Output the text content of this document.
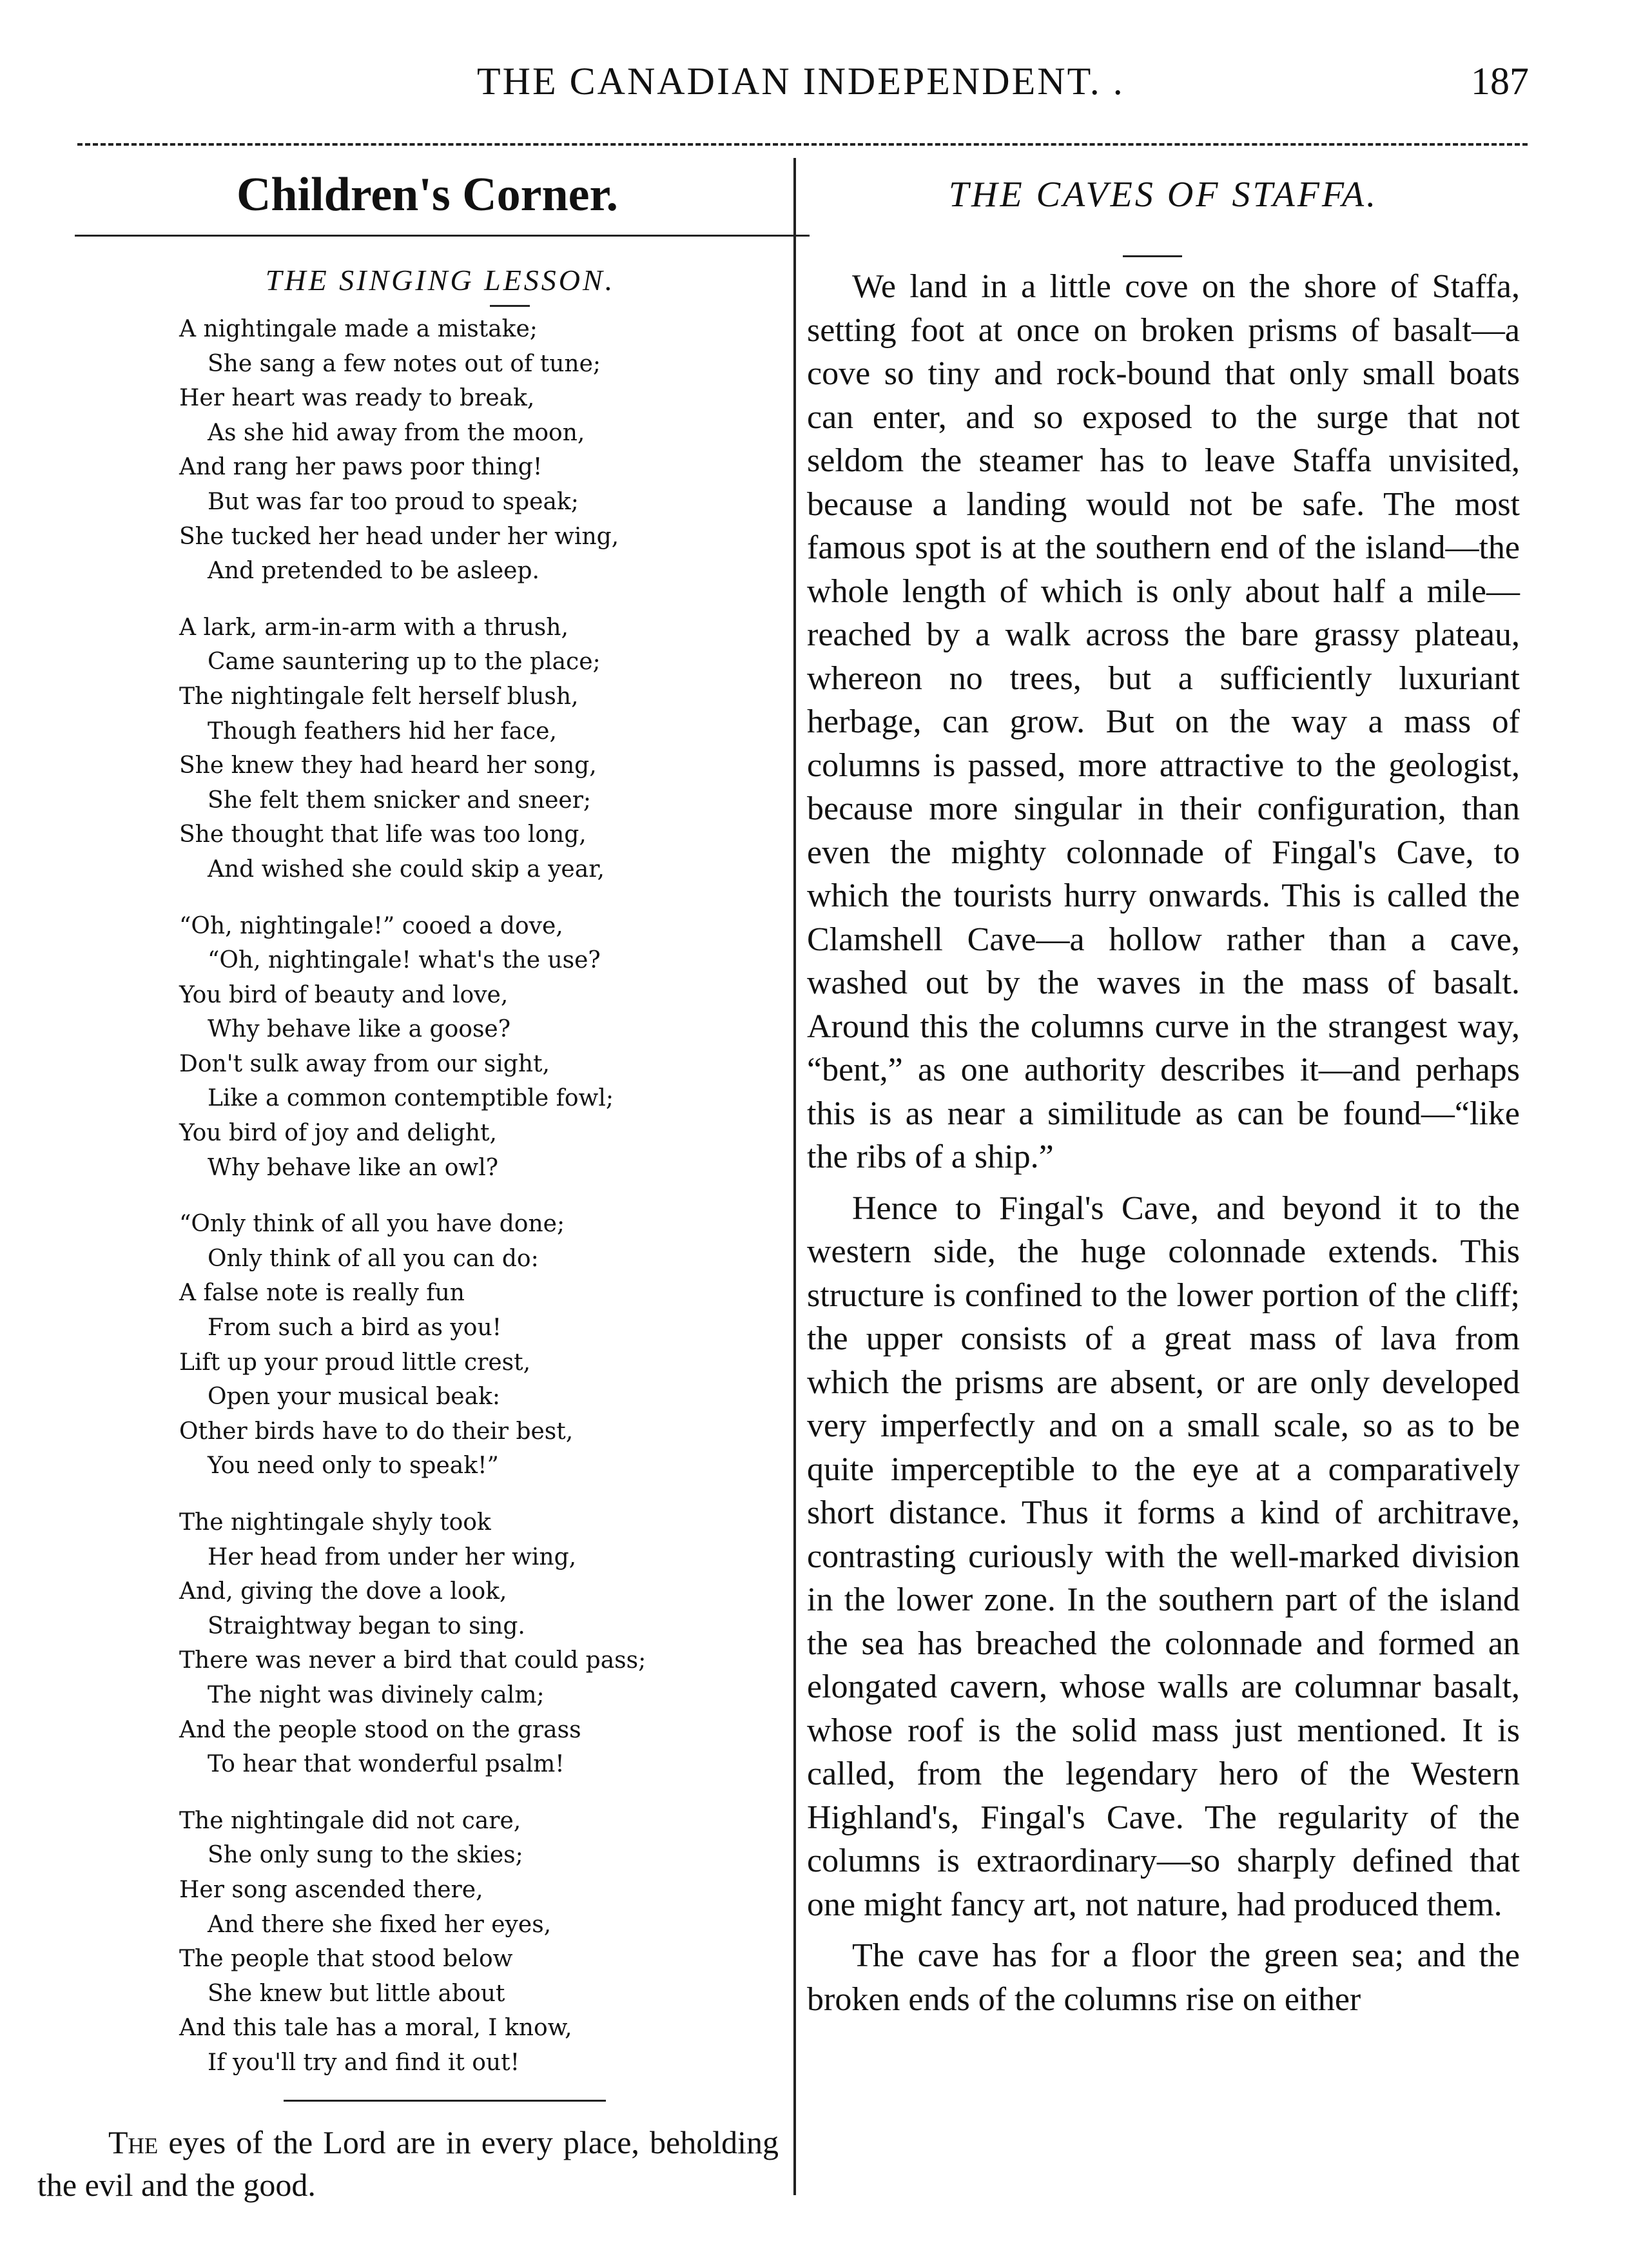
THE CANADIAN INDEPENDENT. .	187
Children's Corner.
THE SINGING LESSON.
A nightingale made a mistake;
She sang a few notes out of tune;
Her heart was ready to break,
As she hid away from the moon,
And rang her paws poor thing!
But was far too proud to speak;
She tucked her head under her wing,
And pretended to be asleep.
A lark, arm-in-arm with a thrush,
Came sauntering up to the place;
The nightingale felt herself blush,
Though feathers hid her face,
She knew they had heard her song,
She felt them snicker and sneer;
She thought that life was too long,
And wished she could skip a year,
“Oh, nightingale!” cooed a dove,
“Oh, nightingale! what's the use?
You bird of beauty and love,
Why behave like a goose?
Don't sulk away from our sight,
Like a common contemptible fowl;
You bird of joy and delight,
Why behave like an owl?
“Only think of all you have done;
Only think of all you can do:
A false note is really fun
From such a bird as you!
Lift up your proud little crest,
Open your musical beak:
Other birds have to do their best,
You need only to speak!”
The nightingale shyly took
Her head from under her wing,
And, giving the dove a look,
Straightway began to sing.
There was never a bird that could pass;
The night was divinely calm;
And the people stood on the grass
To hear that wonderful psalm!
The nightingale did not care,
She only sung to the skies;
Her song ascended there,
And there she fixed her eyes,
The people that stood below
She knew but little about
And this tale has a moral, I know,
If you'll try and find it out!

The eyes of the Lord are in every place, beholding the evil and the good.

THE CAVES OF STAFFA.

We land in a little cove on the shore of Staffa, setting foot at once on broken prisms of basalt—a cove so tiny and rock-bound that only small boats can enter, and so exposed to the surge that not seldom the steamer has to leave Staffa unvisited, because a landing would not be safe. The most famous spot is at the southern end of the island—the whole length of which is only about half a mile—reached by a walk across the bare grassy plateau, whereon no trees, but a sufficiently luxuriant herbage, can grow. But on the way a mass of columns is passed, more attractive to the geologist, because more singular in their configuration, than even the mighty colonnade of Fingal's Cave, to which the tourists hurry onwards. This is called the Clamshell Cave—a hollow rather than a cave, washed out by the waves in the mass of basalt. Around this the columns curve in the strangest way, “bent,” as one authority describes it—and perhaps this is as near a similitude as can be found—“like the ribs of a ship.”

Hence to Fingal's Cave, and beyond it to the western side, the huge colonnade extends. This structure is confined to the lower portion of the cliff; the upper consists of a great mass of lava from which the prisms are absent, or are only developed very imperfectly and on a small scale, so as to be quite imperceptible to the eye at a comparatively short distance. Thus it forms a kind of architrave, contrasting curiously with the well-marked division in the lower zone. In the southern part of the island the sea has breached the colonnade and formed an elongated cavern, whose walls are columnar basalt, whose roof is the solid mass just mentioned. It is called, from the legendary hero of the Western Highland's, Fingal's Cave. The regularity of the columns is extraordinary—so sharply defined that one might fancy art, not nature, had produced them.

The cave has for a floor the green sea; and the broken ends of the columns rise on either
